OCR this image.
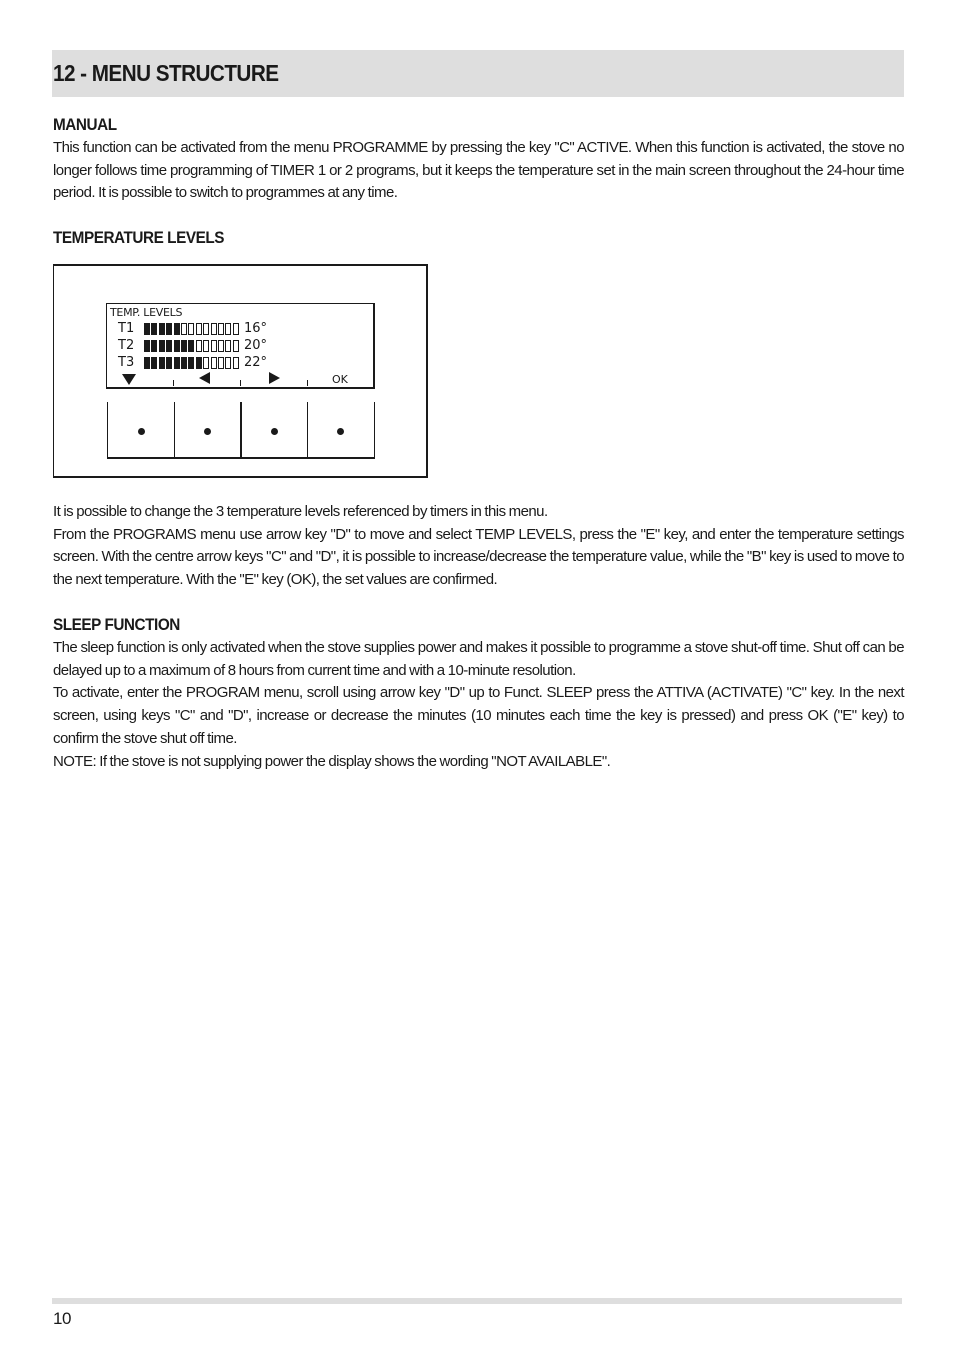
12 - MENU STRUCTURE
MANUAL

This function can be activated from the menu PROGRAMME by pressing the key "C" ACTIVE. When this function is activated, the stove no longer follows time programming of TIMER 1 or 2 programs, but it keeps the temperature set in the main screen throughout the 24-hour time period. It is possible to switch to programmes at any time.

TEMPERATURE LEVELS
TEMP. LEVELS
T1	16°
T2	20°
T3	22°
OK

It is possible to change the 3 temperature levels referenced by timers in this menu.

From the PROGRAMS menu use arrow key "D" to move and select TEMP LEVELS, press the "E" key, and enter the temperature settings screen. With the centre arrow keys "C" and "D", it is possible to increase/decrease the temperature value, while the "B" key is used to move to the next temperature. With the "E" key (OK), the set values are confirmed.

SLEEP FUNCTION

The sleep function is only activated when the stove supplies power and makes it possible to programme a stove shut-off time. Shut off can be delayed up to a maximum of 8 hours from current time and with a 10-minute resolution.

To activate, enter the PROGRAM menu, scroll using arrow key "D" up to Funct. SLEEP press the ATTIVA (ACTIVATE) "C" key. In the next screen, using keys "C" and "D", increase or decrease the minutes (10 minutes each time the key is pressed) and press OK ("E" key) to confirm the stove shut off time.

NOTE: If the stove is not supplying power the display shows the wording "NOT AVAILABLE".

10
